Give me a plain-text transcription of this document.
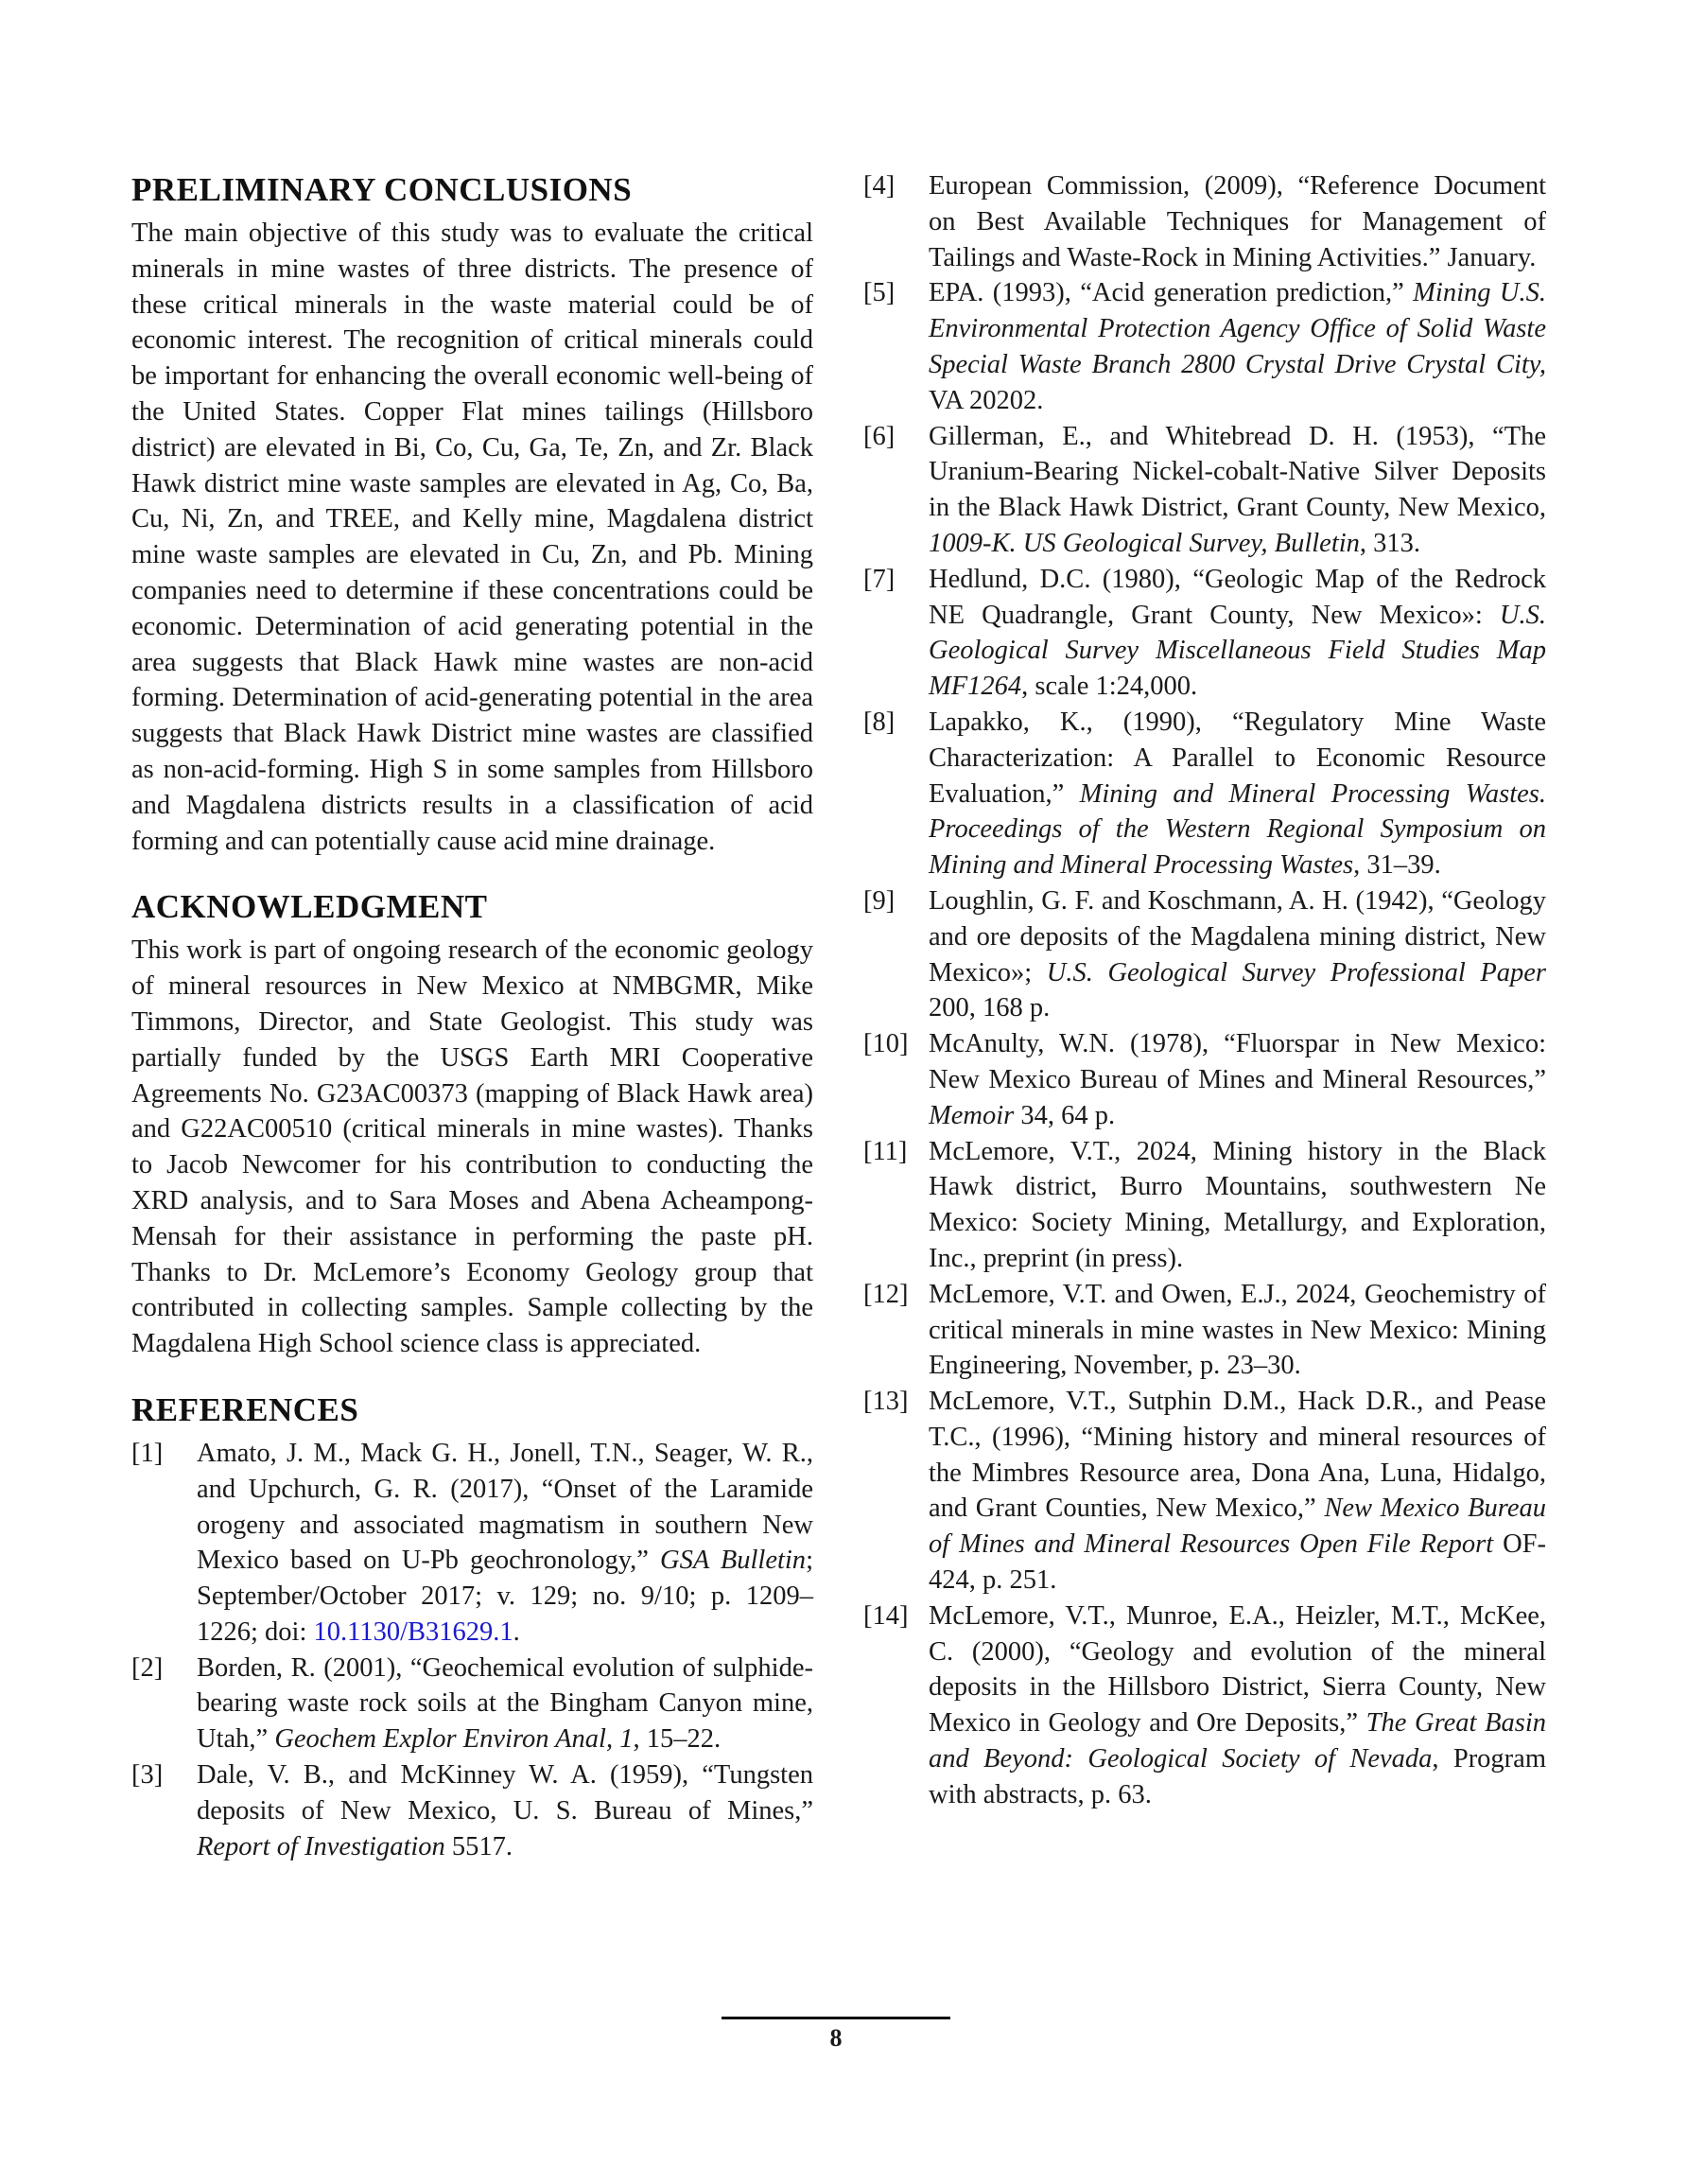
PRELIMINARY CONCLUSIONS

The main objective of this study was to evaluate the critical minerals in mine wastes of three districts. The presence of these critical minerals in the waste material could be of economic interest. The recognition of critical minerals could be important for enhancing the overall economic well-being of the United States. Copper Flat mines tailings (Hillsboro district) are elevated in Bi, Co, Cu, Ga, Te, Zn, and Zr. Black Hawk district mine waste samples are elevated in Ag, Co, Ba, Cu, Ni, Zn, and TREE, and Kelly mine, Magdalena district mine waste samples are elevated in Cu, Zn, and Pb. Mining companies need to determine if these concentrations could be economic. Determination of acid generating potential in the area suggests that Black Hawk mine wastes are non-acid forming. Determination of acid-generating potential in the area suggests that Black Hawk District mine wastes are classified as non-acid-forming. High S in some samples from Hillsboro and Magdalena districts results in a classification of acid forming and can potentially cause acid mine drainage.

ACKNOWLEDGMENT

This work is part of ongoing research of the economic geology of mineral resources in New Mexico at NMBGMR, Mike Timmons, Director, and State Geologist. This study was partially funded by the USGS Earth MRI Cooperative Agreements No. G23AC00373 (mapping of Black Hawk area) and G22AC00510 (critical minerals in mine wastes). Thanks to Jacob Newcomer for his contribution to conducting the XRD analysis, and to Sara Moses and Abena Acheampong-Mensah for their assistance in performing the paste pH. Thanks to Dr. McLemore’s Economy Geology group that contributed in collecting samples. Sample collecting by the Magdalena High School science class is appreciated.

REFERENCES
[1]	Amato, J. M., Mack G. H., Jonell, T.N., Seager, W. R., and Upchurch, G. R. (2017), “Onset of the Laramide orogeny and associated magmatism in southern New Mexico based on U-Pb geochronology,” GSA Bulletin; September/October 2017; v. 129; no. 9/10; p. 1209–1226; doi: 10.1130/B31629.1.
[2]	Borden, R. (2001), “Geochemical evolution of sulphide-bearing waste rock soils at the Bingham Canyon mine, Utah,” Geochem Explor Environ Anal, 1, 15–22.
[3]	Dale, V. B., and McKinney W. A. (1959), “Tungsten deposits of New Mexico, U. S. Bureau of Mines,” Report of Investigation 5517.
[4]	European Commission, (2009), “Reference Document on Best Available Techniques for Management of Tailings and Waste-Rock in Mining Activities.” January.
[5]	EPA. (1993), “Acid generation prediction,” Mining U.S. Environmental Protection Agency Office of Solid Waste Special Waste Branch 2800 Crystal Drive Crystal City, VA 20202.
[6]	Gillerman, E., and Whitebread D. H. (1953), “The Uranium-Bearing Nickel-cobalt-Native Silver Deposits in the Black Hawk District, Grant County, New Mexico, 1009-K. US Geological Survey, Bulletin, 313.
[7]	Hedlund, D.C. (1980), “Geologic Map of the Redrock NE Quadrangle, Grant County, New Mexico»: U.S. Geological Survey Miscellaneous Field Studies Map MF1264, scale 1:24,000.
[8]	Lapakko, K., (1990), “Regulatory Mine Waste Characterization: A Parallel to Economic Resource Evaluation,” Mining and Mineral Processing Wastes. Proceedings of the Western Regional Symposium on Mining and Mineral Processing Wastes, 31–39.
[9]	Loughlin, G. F. and Koschmann, A. H. (1942), “Geology and ore deposits of the Magdalena mining district, New Mexico»; U.S. Geological Survey Professional Paper 200, 168 p.
[10] McAnulty, W.N. (1978), “Fluorspar in New Mexico: New Mexico Bureau of Mines and Mineral Resources,” Memoir 34, 64 p.
[11] McLemore, V.T., 2024, Mining history in the Black Hawk district, Burro Mountains, southwestern Ne Mexico: Society Mining, Metallurgy, and Exploration, Inc., preprint (in press).
[12] McLemore, V.T. and Owen, E.J., 2024, Geochemistry of critical minerals in mine wastes in New Mexico: Mining Engineering, November, p. 23–30.
[13] McLemore, V.T., Sutphin D.M., Hack D.R., and Pease T.C., (1996), “Mining history and mineral resources of the Mimbres Resource area, Dona Ana, Luna, Hidalgo, and Grant Counties, New Mexico,” New Mexico Bureau of Mines and Mineral Resources Open File Report OF-424, p. 251.
[14] McLemore, V.T., Munroe, E.A., Heizler, M.T., McKee, C. (2000), “Geology and evolution of the mineral deposits in the Hillsboro District, Sierra County, New Mexico in Geology and Ore Deposits,” The Great Basin and Beyond: Geological Society of Nevada, Program with abstracts, p. 63.
8
